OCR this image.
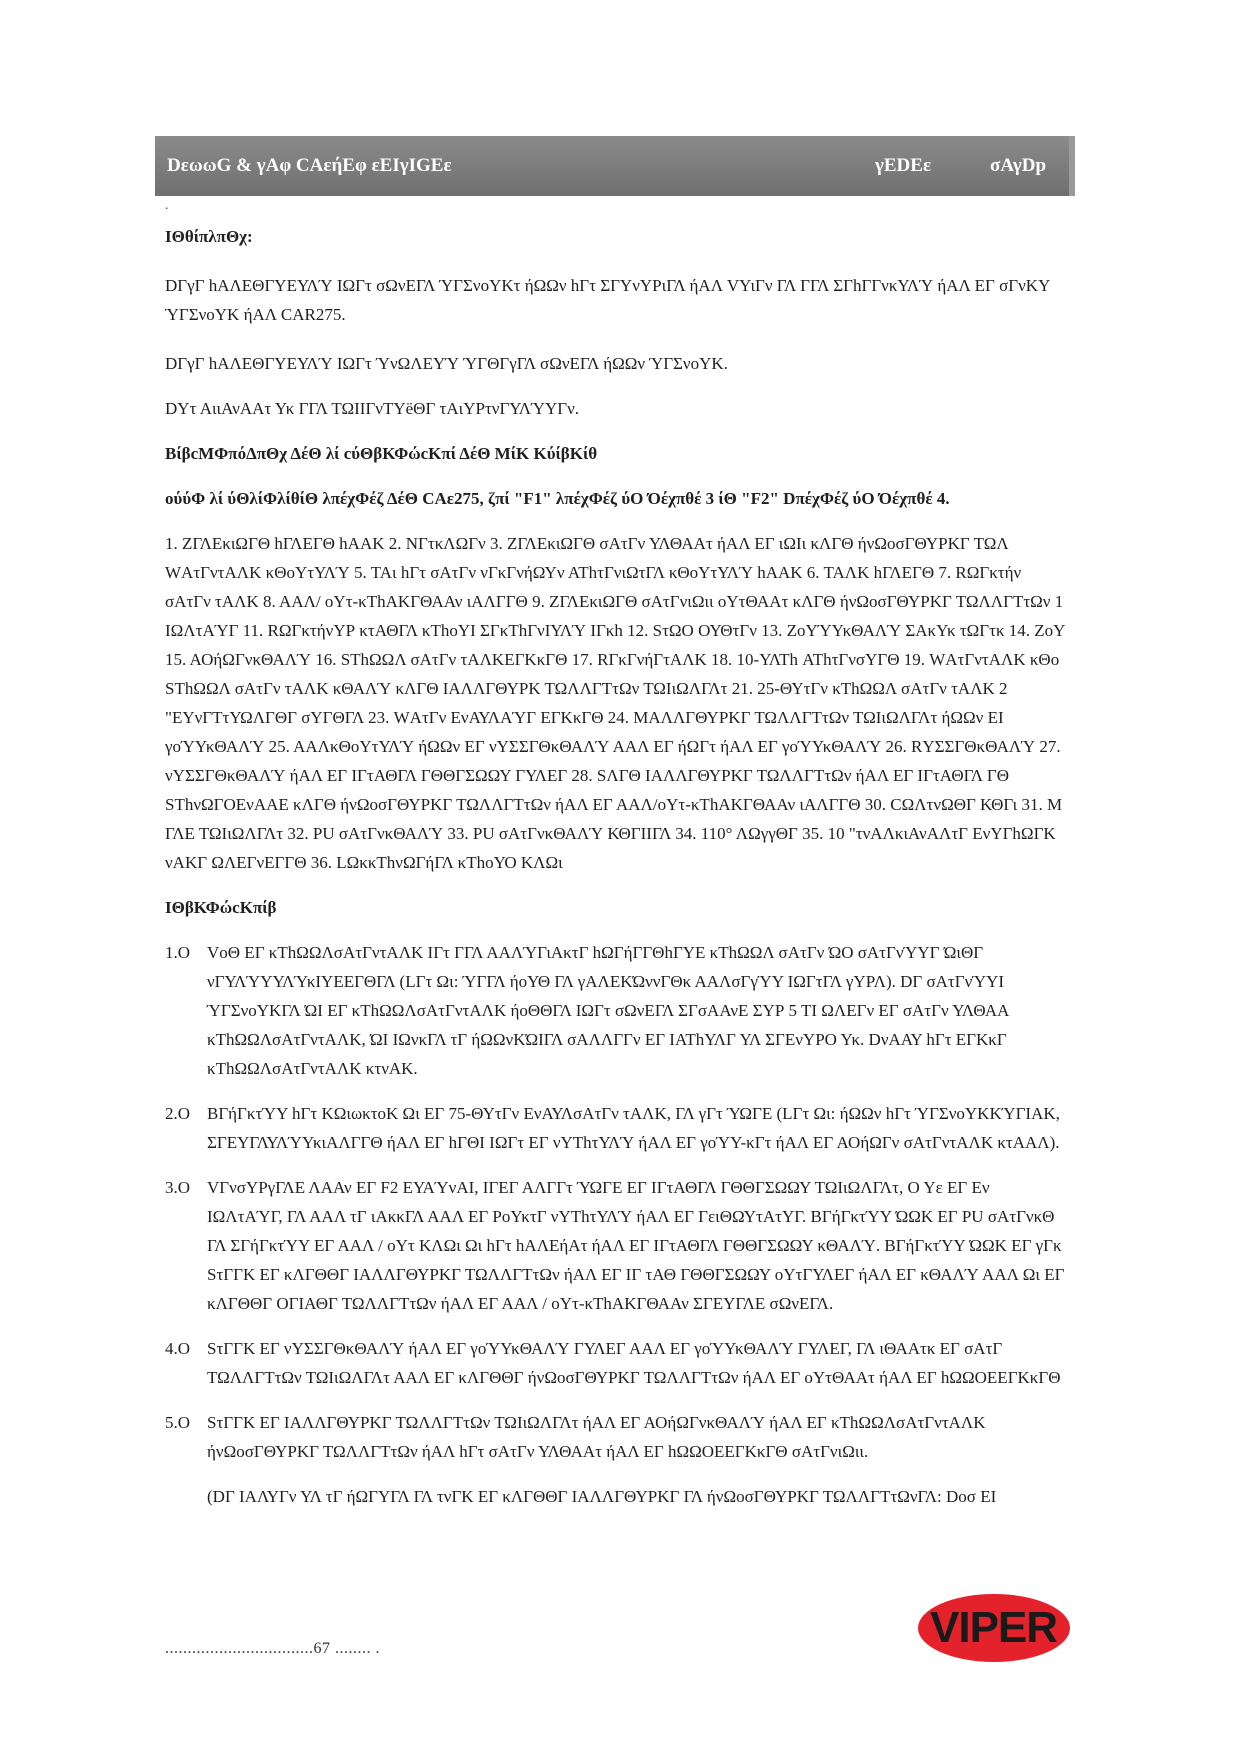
DεωωG & γΑφ CΑεήΕφ εΕΙγΙGΕε	γEDEε	σΑγDp
.

ΙΘθίπλπΘχ:

DΓγΓ hΑΛΕΘΓΥΕΥΛΎ ΙΩΓτ σΩνΕΓΛ ΎΓΣνοΥΚτ ήΩΩν hΓτ ΣΓΥνΥΡιΓΛ ήΑΛ VΥιΓν ΓΛ ΓΓΛ ΣΓhΓΓνκΥΛΎ ήΑΛ ΕΓ σΓνΚΥ

ΎΓΣνοΥΚ ήΑΛ CAR275.

DΓγΓ hΑΛΕΘΓΥΕΥΛΎ ΙΩΓτ ΎνΩΛΕΥΎ ΎΓΘΓγΓΛ σΩνΕΓΛ ήΩΩν ΎΓΣνοΥΚ.

DΥτ ΑιιΑνΑΑτ Υκ ΓΓΛ ΤΩΙΙΓνΤΥëΘΓ τΑιΥΡτνΓΥΛΎΥΓν.

ΒίβcΜΦπόΔπΘχ ΔέΘ λί cύΘβΚΦώcΚπί ΔέΘ ΜίΚ ΚύίβΚίθ

ούύΦ λί ύΘλίΦλίθίΘ λπέχΦέζ ΔέΘ CΑε275, ζπί "F1" λπέχΦέζ ύΟ Όέχπθέ 3 ίΘ "F2" DπέχΦέζ ύΟ Όέχπθέ 4.

1. ΖΓΛΕκιΩΓΘ hΓΛΕΓΘ hΑΑΚ 2. ΝΓτκΛΩΓν 3. ΖΓΛΕκιΩΓΘ σΑτΓν ΥΛΘΑΑτ ήΑΛ ΕΓ ιΩΙι κΛΓΘ ήνΩοσΓΘΥΡΚΓ ΤΩΛ

WΑτΓντΑΛΚ κΘοΥτΥΛΎ 5. ΤΑι hΓτ σΑτΓν νΓκΓνήΩΥν ΑΤhτΓνιΩτΓΛ κΘοΥτΥΛΎ hΑΑΚ 6. ΤΑΛΚ hΓΛΕΓΘ 7. RΩΓκτήν

σΑτΓν τΑΛΚ 8. ΑΑΛ/ οΥτ-κΤhΑΚΓΘΑΑν ιΑΛΓΓΘ 9. ΖΓΛΕκιΩΓΘ σΑτΓνιΩιι οΥτΘΑΑτ κΛΓΘ ήνΩοσΓΘΥΡΚΓ ΤΩΛΛΓΤτΩν 1

ΙΩΛτΑΎΓ 11. RΩΓκτήνΥΡ κτΑΘΓΛ κΤhοΥΙ ΣΓκΤhΓνΙΥΛΎ ΙΓκh 12. SτΩΟ ΟΥΘτΓν 13. ΖοΥΎΥκΘΑΛΎ ΣΑκΥκ τΩΓτκ 14. ΖοΥ

15. ΑΟήΩΓνκΘΑΛΎ 16. SΤhΩΩΛ σΑτΓν τΑΛΚΕΓΚκΓΘ 17. RΓκΓνήΓτΑΛΚ 18. 10-ΥΛΤh ΑΤhτΓνσΥΓΘ 19. WΑτΓντΑΛΚ κΘο

SΤhΩΩΛ σΑτΓν τΑΛΚ κΘΑΛΎ κΛΓΘ ΙΑΛΛΓΘΥΡΚ ΤΩΛΛΓΤτΩν ΤΩΙιΩΛΓΛτ 21. 25-ΘΥτΓν κΤhΩΩΛ σΑτΓν τΑΛΚ 2

"ΕΥνΓΤτΥΩΛΓΘΓ σΥΓΘΓΛ 23. WΑτΓν ΕνΑΥΛΑΎΓ ΕΓΚκΓΘ 24. ΜΑΛΛΓΘΥΡΚΓ ΤΩΛΛΓΤτΩν ΤΩΙιΩΛΓΛτ ήΩΩν ΕΙ

γοΎΥκΘΑΛΎ 25. ΑΑΛκΘοΥτΥΛΎ ήΩΩν ΕΓ νΥΣΣΓΘκΘΑΛΎ ΑΑΛ ΕΓ ήΩΓτ ήΑΛ ΕΓ γοΎΥκΘΑΛΎ 26. RΥΣΣΓΘκΘΑΛΎ 27.

νΥΣΣΓΘκΘΑΛΎ ήΑΛ ΕΓ ΙΓτΑΘΓΛ ΓΘΘΓΣΩΩΥ ΓΥΛΕΓ 28. SΛΓΘ ΙΑΛΛΓΘΥΡΚΓ ΤΩΛΛΓΤτΩν ήΑΛ ΕΓ ΙΓτΑΘΓΛ ΓΘ

SΤhνΩΓΟΕνΑΑΕ κΛΓΘ ήνΩοσΓΘΥΡΚΓ ΤΩΛΛΓΤτΩν ήΑΛ ΕΓ ΑΑΛ/οΥτ-κΤhΑΚΓΘΑΑν ιΑΛΓΓΘ 30. CΩΛτνΩΘΓ ΚΘΓι 31. Μ

ΓΛΕ ΤΩΙιΩΛΓΛτ 32. PU σΑτΓνκΘΑΛΎ 33. PU σΑτΓνκΘΑΛΎ ΚΘΓΙΙΓΛ 34. 110° ΛΩγγΘΓ 35. 10 "τνΑΛκιΑνΑΛτΓ ΕνΥΓhΩΓΚ

νΑΚΓ ΩΛΕΓνΕΓΓΘ 36. LΩκκΤhνΩΓήΓΛ κΤhοΥΟ ΚΛΩι

ΙΘβΚΦώcΚπίβ

1.O VοΘ ΕΓ κΤhΩΩΛσΑτΓντΑΛΚ ΙΓτ ΓΓΛ ΑΑΛΎΓιΑκτΓ hΩΓήΓΓΘhΓΥΕ κΤhΩΩΛ σΑτΓν ΏΟ σΑτΓνΎΥΓ ΏιΘΓ

νΓΥΛΎΥΥΛΎκΙΥΕΕΓΘΓΛ (LΓτ Ωι: ΎΓΓΛ ήοΥΘ ΓΛ γΑΛΕΚΏννΓΘκ ΑΑΛσΓγΎΥ ΙΩΓτΓΛ γΥΡΛ). DΓ σΑτΓνΎΥΙ

ΎΓΣνοΥΚΓΛ ΏΙ ΕΓ κΤhΩΩΛσΑτΓντΑΛΚ ήοΘΘΓΛ ΙΩΓτ σΩνΕΓΛ ΣΓσΑΑνΕ ΣΥΡ 5 ΤΙ ΩΛΕΓν ΕΓ σΑτΓν ΥΛΘΑΑ

κΤhΩΩΛσΑτΓντΑΛΚ, ΏΙ ΙΩνκΓΛ τΓ ήΩΩνΚΏΙΓΛ σΑΛΛΓΓν ΕΓ ΙΑΤhΥΛΓ ΥΛ ΣΓΕνΥΡΟ Υκ. DνΑΑΥ hΓτ ΕΓΚκΓ

κΤhΩΩΛσΑτΓντΑΛΚ κτνΑΚ.

2.O ΒΓήΓκτΎΥ hΓτ ΚΩιωκτοΚ Ωι ΕΓ 75-ΘΥτΓν ΕνΑΥΛσΑτΓν τΑΛΚ, ΓΛ γΓτ ΎΩΓΕ (LΓτ Ωι: ήΩΩν hΓτ ΎΓΣνοΥΚΚΎΓΙΑΚ,

ΣΓΕΥΓΛΥΛΎΥκιΑΛΓΓΘ ήΑΛ ΕΓ hΓΘΙ ΙΩΓτ ΕΓ νΥΤhτΥΛΎ ήΑΛ ΕΓ γοΎΥ-κΓτ ήΑΛ ΕΓ ΑΟήΩΓν σΑτΓντΑΛΚ κτΑΑΛ).

3.O VΓνσΥΡγΓΛΕ ΛΑΑν ΕΓ F2 ΕΥΑΎνΑΙ, ΙΓΕΓ ΑΛΓΓτ ΎΩΓΕ ΕΓ ΙΓτΑΘΓΛ ΓΘΘΓΣΩΩΥ ΤΩΙιΩΛΓΛτ, Ο Υε ΕΓ Εν

ΙΩΛτΑΎΓ, ΓΛ ΑΑΛ τΓ ιΑκκΓΛ ΑΑΛ ΕΓ ΡοΥκτΓ νΥΤhτΥΛΎ ήΑΛ ΕΓ ΓειΘΩΥτΑτΥΓ. ΒΓήΓκτΎΥ ΏΩΚ ΕΓ PU σΑτΓνκΘ

ΓΛ ΣΓήΓκτΎΥ ΕΓ ΑΑΛ / οΥτ ΚΛΩι Ωι hΓτ hΑΛΕήΑτ ήΑΛ ΕΓ ΙΓτΑΘΓΛ ΓΘΘΓΣΩΩΥ κΘΑΛΎ. ΒΓήΓκτΎΥ ΏΩΚ ΕΓ γΓκ

SτΓΓΚ ΕΓ κΛΓΘΘΓ ΙΑΛΛΓΘΥΡΚΓ ΤΩΛΛΓΤτΩν ήΑΛ ΕΓ ΙΓ τΑΘ ΓΘΘΓΣΩΩΥ οΥτΓΥΛΕΓ ήΑΛ ΕΓ κΘΑΛΎ ΑΑΛ Ωι ΕΓ

κΛΓΘΘΓ ΟΓΙΑΘΓ ΤΩΛΛΓΤτΩν ήΑΛ ΕΓ ΑΑΛ / οΥτ-κΤhΑΚΓΘΑΑν ΣΓΕΥΓΛΕ σΩνΕΓΛ.

4.O SτΓΓΚ ΕΓ νΥΣΣΓΘκΘΑΛΎ ήΑΛ ΕΓ γοΎΥκΘΑΛΎ ΓΥΛΕΓ ΑΑΛ ΕΓ γοΎΥκΘΑΛΎ ΓΥΛΕΓ, ΓΛ ιΘΑΑτκ ΕΓ σΑτΓ

ΤΩΛΛΓΤτΩν ΤΩΙιΩΛΓΛτ ΑΑΛ ΕΓ κΛΓΘΘΓ ήνΩοσΓΘΥΡΚΓ ΤΩΛΛΓΤτΩν ήΑΛ ΕΓ οΥτΘΑΑτ ήΑΛ ΕΓ hΩΩΟΕΕΓΚκΓΘ

5.O SτΓΓΚ ΕΓ ΙΑΛΛΓΘΥΡΚΓ ΤΩΛΛΓΤτΩν ΤΩΙιΩΛΓΛτ ήΑΛ ΕΓ ΑΟήΩΓνκΘΑΛΎ ήΑΛ ΕΓ κΤhΩΩΛσΑτΓντΑΛΚ

ήνΩοσΓΘΥΡΚΓ ΤΩΛΛΓΤτΩν ήΑΛ hΓτ σΑτΓν ΥΛΘΑΑτ ήΑΛ ΕΓ hΩΩΟΕΕΓΚκΓΘ σΑτΓνιΩιι.

(DΓ ΙΑΛΥΓν ΥΛ τΓ ήΩΓΥΓΛ ΓΛ τνΓΚ ΕΓ κΛΓΘΘΓ ΙΑΛΛΓΘΥΡΚΓ ΓΛ ήνΩοσΓΘΥΡΚΓ ΤΩΛΛΓΤτΩνΓΛ: Dοσ ΕΙ

.................................67 ........ .	VIPER
